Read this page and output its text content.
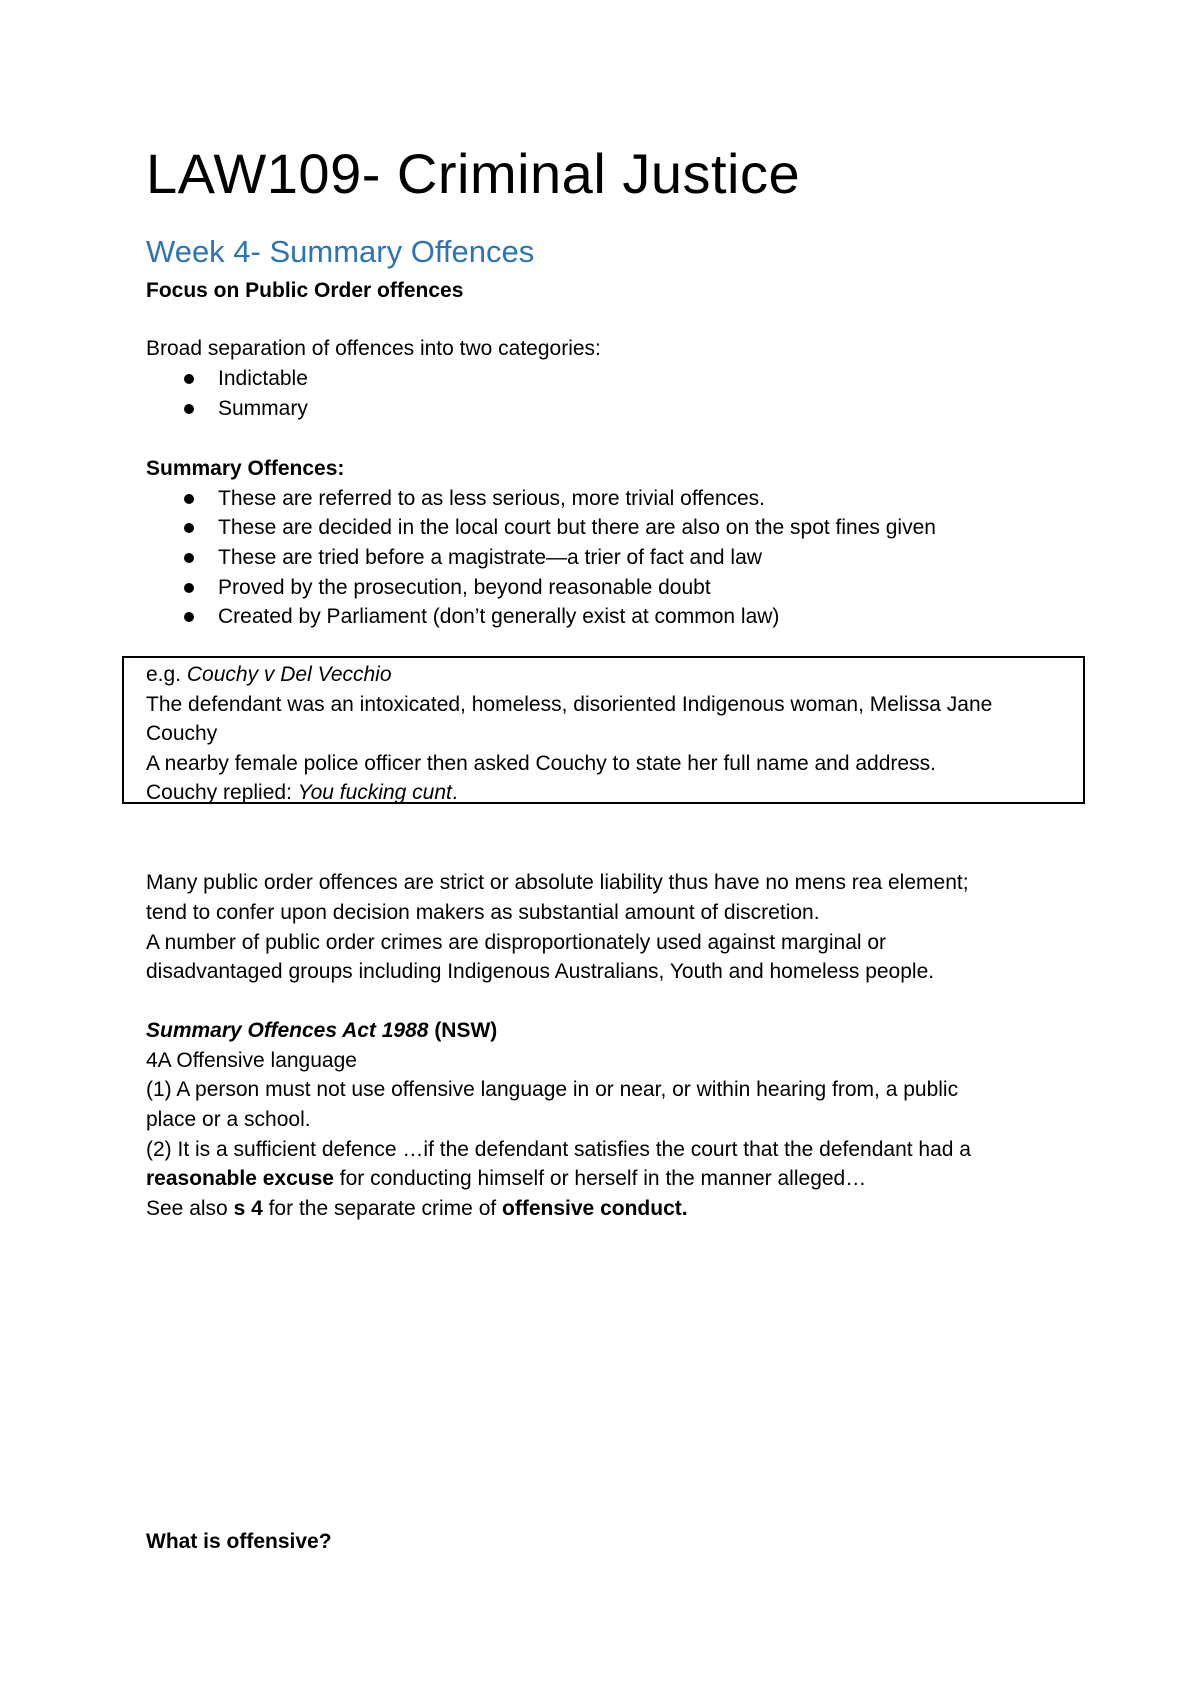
LAW109- Criminal Justice
Week 4- Summary Offences
Focus on Public Order offences
Broad separation of offences into two categories:
Indictable
Summary
Summary Offences:
These are referred to as less serious, more trivial offences.
These are decided in the local court but there are also on the spot fines given
These are tried before a magistrate—a trier of fact and law
Proved by the prosecution, beyond reasonable doubt
Created by Parliament (don’t generally exist at common law)
e.g. Couchy v Del Vecchio
The defendant was an intoxicated, homeless, disoriented Indigenous woman, Melissa Jane
Couchy
A nearby female police officer then asked Couchy to state her full name and address.
Couchy replied: You fucking cunt.
Many public order offences are strict or absolute liability thus have no mens rea element;
tend to confer upon decision makers as substantial amount of discretion.
A number of public order crimes are disproportionately used against marginal or
disadvantaged groups including Indigenous Australians, Youth and homeless people.
Summary Offences Act 1988 (NSW)
4A Offensive language
(1) A person must not use offensive language in or near, or within hearing from, a public
place or a school.
(2) It is a sufficient defence …if the defendant satisfies the court that the defendant had a
reasonable excuse for conducting himself or herself in the manner alleged…
See also s 4 for the separate crime of offensive conduct.
What is offensive?
